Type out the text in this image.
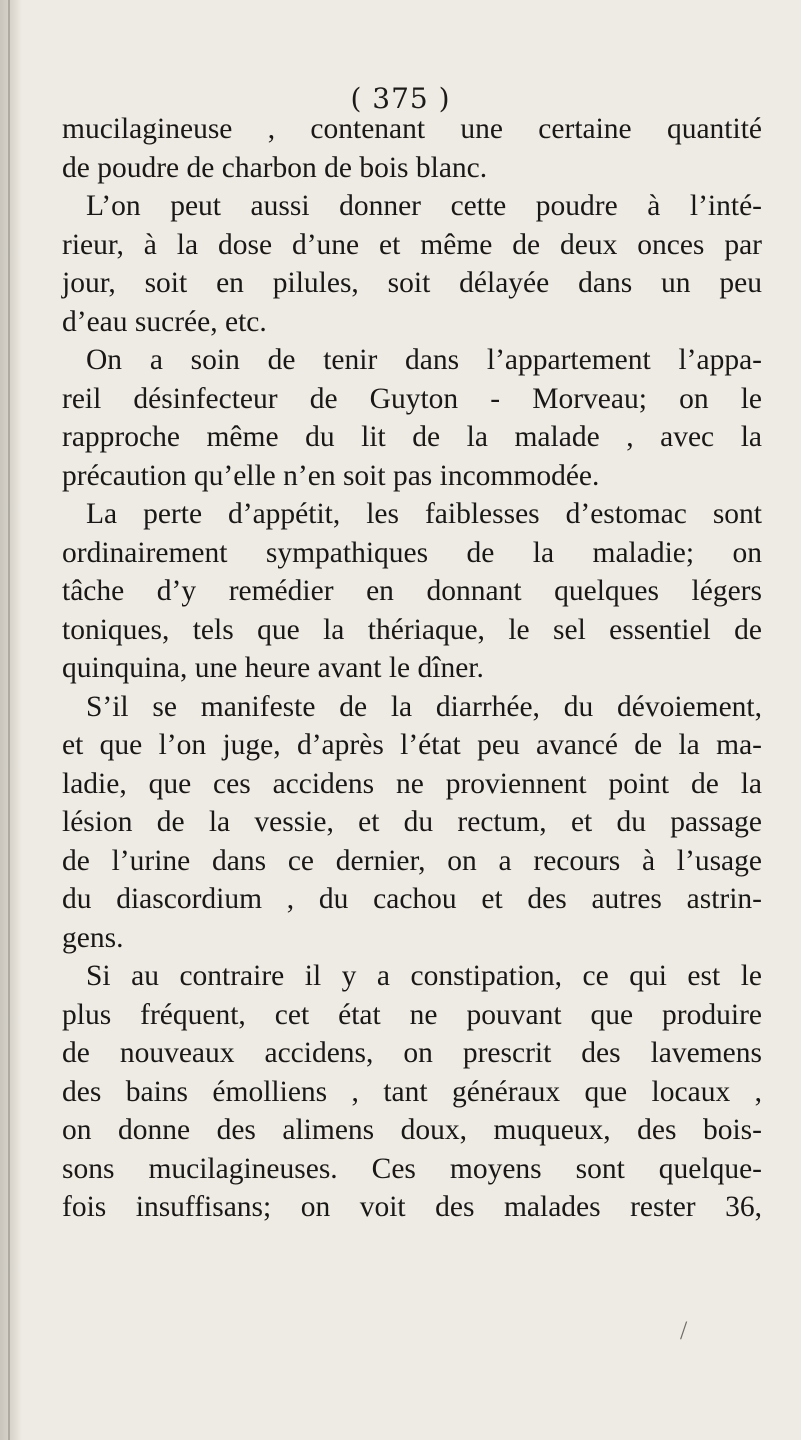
( 375 )
mucilagineuse , contenant une certaine quantité
de poudre de charbon de bois blanc.
L’on peut aussi donner cette poudre à l’inté-
rieur, à la dose d’une et même de deux onces par
jour, soit en pilules, soit délayée dans un peu
d’eau sucrée, etc.
On a soin de tenir dans l’appartement l’appa-
reil désinfecteur de Guyton - Morveau; on le
rapproche même du lit de la malade , avec la
précaution qu’elle n’en soit pas incommodée.
La perte d’appétit, les faiblesses d’estomac sont
ordinairement sympathiques de la maladie; on
tâche d’y remédier en donnant quelques légers
toniques, tels que la thériaque, le sel essentiel de
quinquina, une heure avant le dîner.
S’il se manifeste de la diarrhée, du dévoiement,
et que l’on juge, d’après l’état peu avancé de la ma-
ladie, que ces accidens ne proviennent point de la
lésion de la vessie, et du rectum, et du passage
de l’urine dans ce dernier, on a recours à l’usage
du diascordium , du cachou et des autres astrin-
gens.
Si au contraire il y a constipation, ce qui est le
plus fréquent, cet état ne pouvant que produire
de nouveaux accidens, on prescrit des lavemens
des bains émolliens , tant généraux que locaux ,
on donne des alimens doux, muqueux, des bois-
sons mucilagineuses. Ces moyens sont quelque-
fois insuffisans; on voit des malades rester 36,
/
